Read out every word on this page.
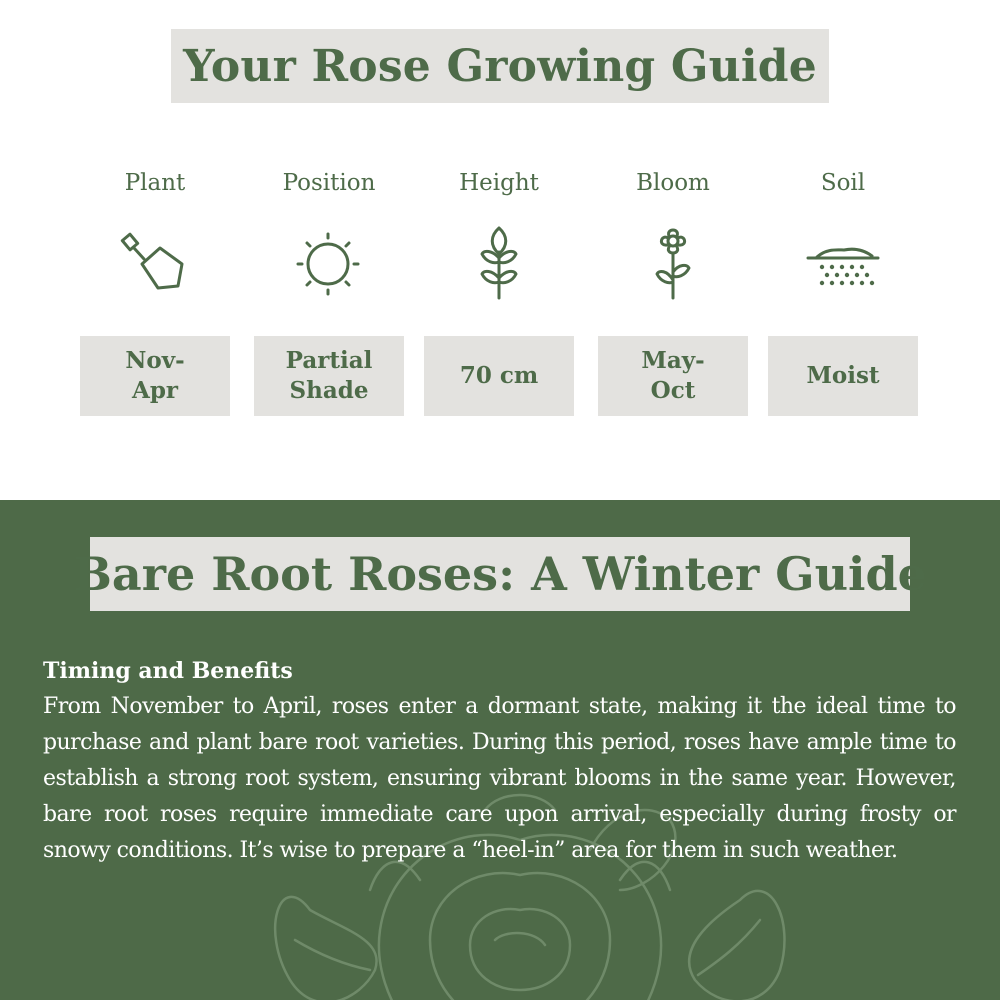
Your Rose Growing Guide
Plant
Nov-
Apr
Position
Partial Shade
Height
70 cm
Bloom
May-
Oct
Soil
Moist
Bare Root Roses: A Winter Guide
Timing and Benefits

From November to April, roses enter a dormant state, making it the ideal time to purchase and plant bare root varieties. During this period, roses have ample time to establish a strong root system, ensuring vibrant blooms in the same year. However, bare root roses require immediate care upon arrival, especially during frosty or snowy conditions. It’s wise to prepare a “heel-in” area for them in such weather.
